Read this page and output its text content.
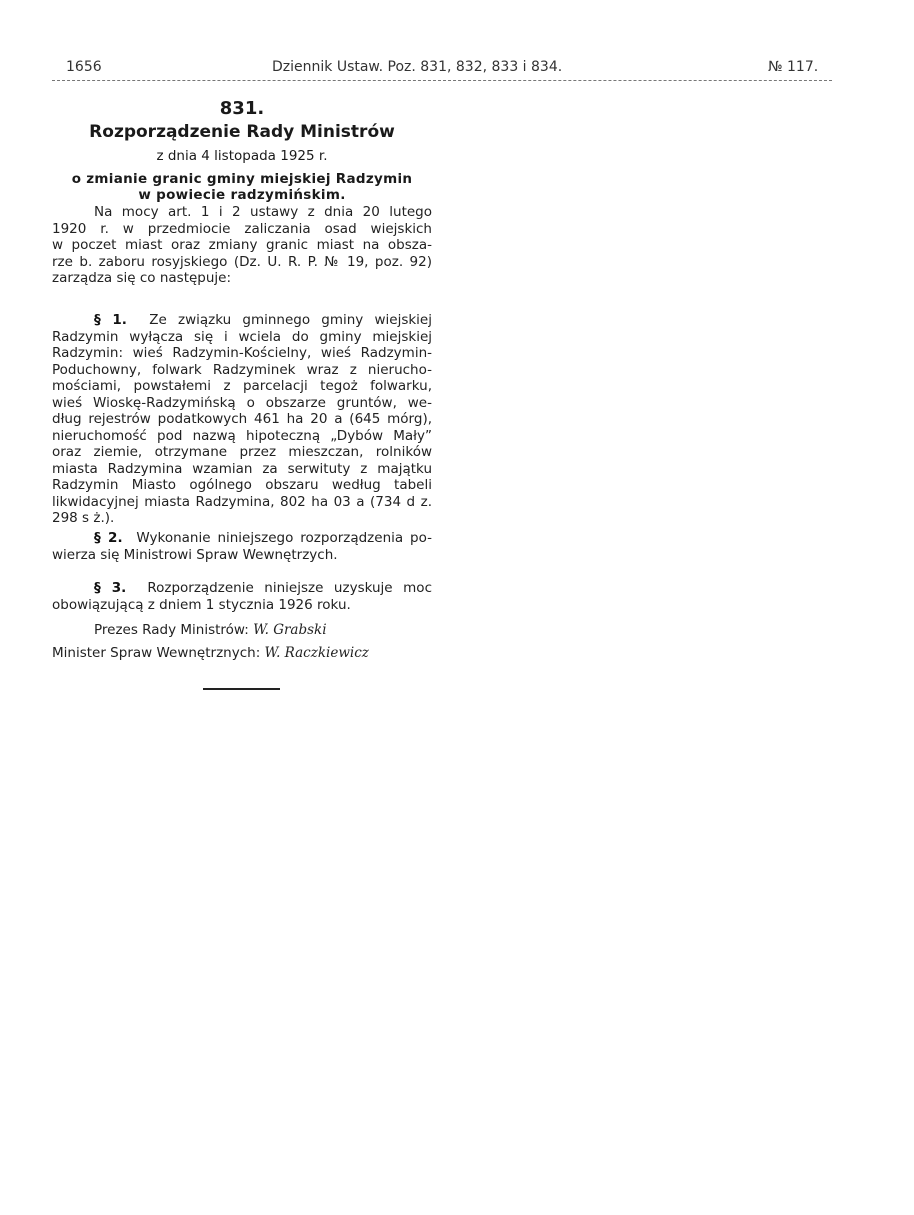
1656	Dziennik Ustaw. Poz. 831, 832, 833 i 834.	№ 117.
831.
Rozporządzenie Rady Ministrów
z dnia 4 listopada 1925 r.
o zmianie granic gminy miejskiej Radzymin
w powiecie radzymińskim.
Na mocy art. 1 i 2 ustawy z dnia 20 lutego
1920 r. w przedmiocie zaliczania osad wiejskich
w poczet miast oraz zmiany granic miast na obsza-
rze b. zaboru rosyjskiego (Dz. U. R. P. № 19, poz. 92)
zarządza się co następuje:
§ 1. Ze związku gminnego gminy wiejskiej
Radzymin wyłącza się i wciela do gminy miejskiej
Radzymin: wieś Radzymin-Kościelny, wieś Radzymin-
Poduchowny, folwark Radzyminek wraz z nierucho-
mościami, powstałemi z parcelacji tegoż folwarku,
wieś Wioskę-Radzymińską o obszarze gruntów, we-
dług rejestrów podatkowych 461 ha 20 a (645 mórg),
nieruchomość pod nazwą hipoteczną „Dybów Mały”
oraz ziemie, otrzymane przez mieszczan, rolników
miasta Radzymina wzamian za serwituty z majątku
Radzymin Miasto ogólnego obszaru według tabeli
likwidacyjnej miasta Radzymina, 802 ha 03 a (734 d z.
298 s ż.).
§ 2. Wykonanie niniejszego rozporządzenia po-
wierza się Ministrowi Spraw Wewnętrzych.
§ 3. Rozporządzenie niniejsze uzyskuje moc
obowiązującą z dniem 1 stycznia 1926 roku.
Prezes Rady Ministrów: W. Grabski
Minister Spraw Wewnętrznych: W. Raczkiewicz
